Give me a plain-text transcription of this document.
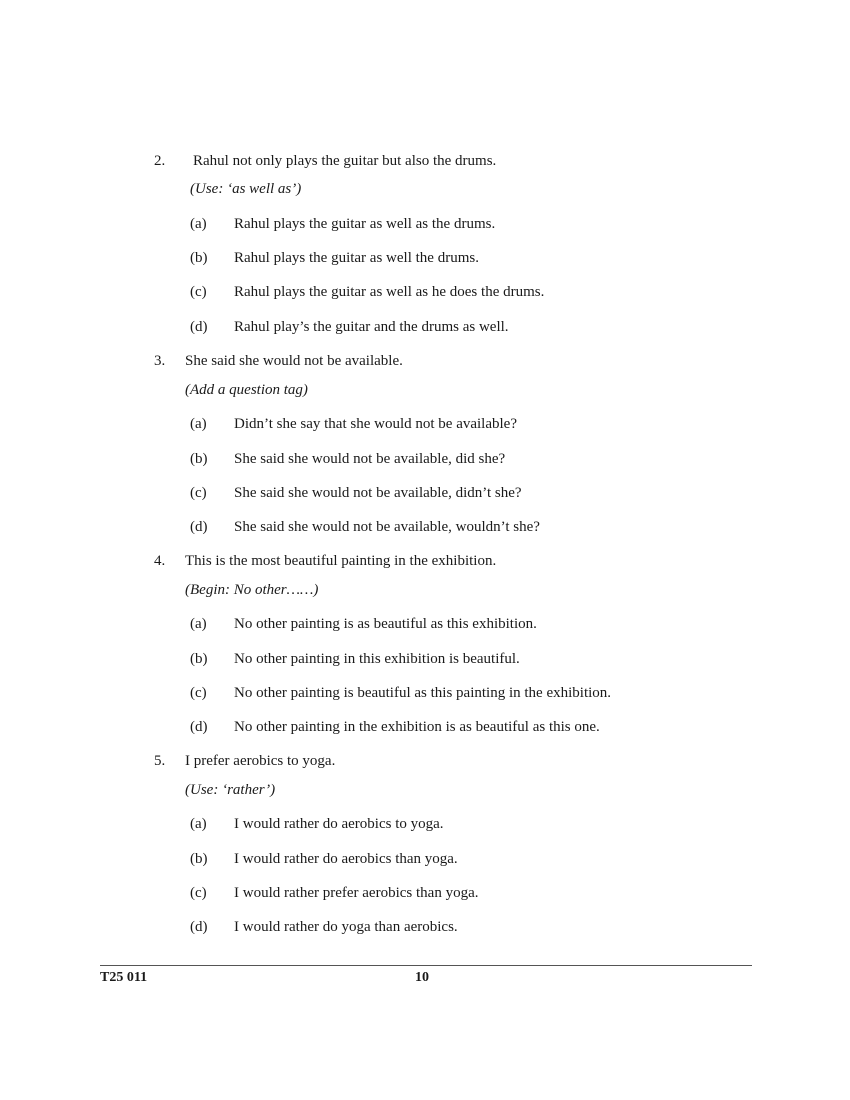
2. Rahul not only plays the guitar but also the drums.
(Use: ‘as well as’)
(a) Rahul plays the guitar as well as the drums.
(b) Rahul plays the guitar as well the drums.
(c) Rahul plays the guitar as well as he does the drums.
(d) Rahul play’s the guitar and the drums as well.
3. She said she would not be available.
(Add a question tag)
(a) Didn’t she say that she would not be available?
(b) She said she would not be available, did she?
(c) She said she would not be available, didn’t she?
(d) She said she would not be available, wouldn’t she?
4. This is the most beautiful painting in the exhibition.
(Begin: No other……)
(a) No other painting is as beautiful as this exhibition.
(b) No other painting in this exhibition is beautiful.
(c) No other painting is beautiful as this painting in the exhibition.
(d) No other painting in the exhibition is as beautiful as this one.
5. I prefer aerobics to yoga.
(Use: ‘rather’)
(a) I would rather do aerobics to yoga.
(b) I would rather do aerobics than yoga.
(c) I would rather prefer aerobics than yoga.
(d) I would rather do yoga than aerobics.
T25 011	10
